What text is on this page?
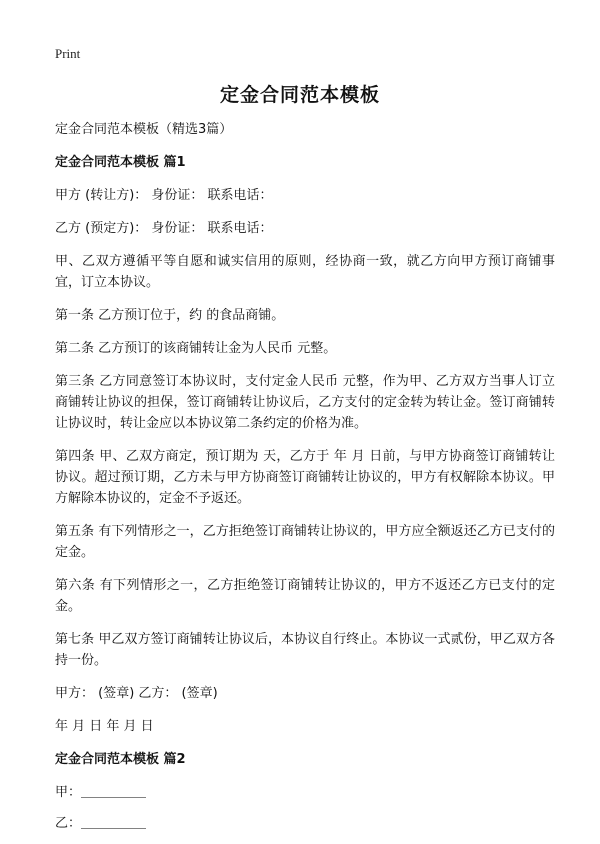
Print
定金合同范本模板

定金合同范本模板（精选3篇）

定金合同范本模板 篇1

甲方 (转让方)： 身份证： 联系电话：

乙方 (预定方)： 身份证： 联系电话：

甲、乙双方遵循平等自愿和诚实信用的原则，经协商一致，就乙方向甲方预订商铺事宜，订立本协议。

第一条 乙方预订位于，约 的食品商铺。

第二条 乙方预订的该商铺转让金为人民币 元整。

第三条 乙方同意签订本协议时，支付定金人民币 元整，作为甲、乙方双方当事人订立商铺转让协议的担保，签订商铺转让协议后，乙方支付的定金转为转让金。签订商铺转让协议时，转让金应以本协议第二条约定的价格为准。

第四条 甲、乙双方商定，预订期为 天，乙方于 年 月 日前，与甲方协商签订商铺转让协议。超过预订期，乙方未与甲方协商签订商铺转让协议的，甲方有权解除本协议。甲方解除本协议的，定金不予返还。

第五条 有下列情形之一，乙方拒绝签订商铺转让协议的，甲方应全额返还乙方已支付的定金。

第六条 有下列情形之一，乙方拒绝签订商铺转让协议的，甲方不返还乙方已支付的定金。

第七条 甲乙双方签订商铺转让协议后，本协议自行终止。本协议一式贰份，甲乙双方各持一份。

甲方： (签章) 乙方： (签章)

年 月 日 年 月 日

定金合同范本模板 篇2

甲：＿＿＿＿＿

乙：＿＿＿＿＿
